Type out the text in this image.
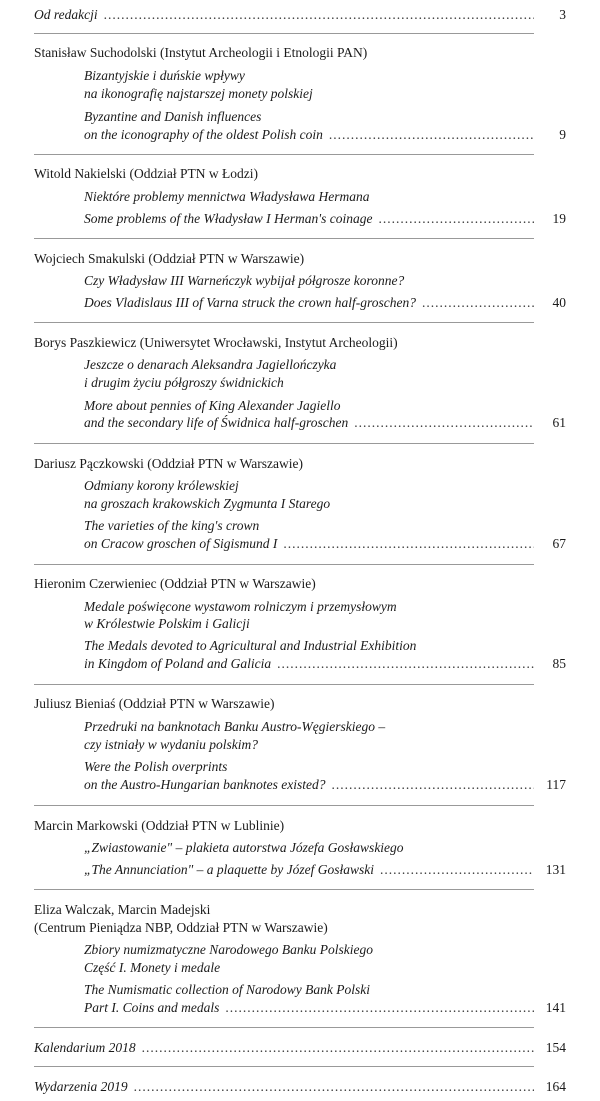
Od redakcji .....	3
Stanisław Suchodolski (Instytut Archeologii i Etnologii PAN)
Bizantyjskie i duńskie wpływy
na ikonografię najstarszej monety polskiej
Byzantine and Danish influences
on the iconography of the oldest Polish coin .....	9
Witold Nakielski (Oddział PTN w Łodzi)
Niektóre problemy mennictwa Władysława Hermana
Some problems of the Władysław I Herman's coinage .....	19
Wojciech Smakulski (Oddział PTN w Warszawie)
Czy Władysław III Warneńczyk wybijał półgrosze koronne?
Does Vladislaus III of Varna struck the crown half-groschen? .....	40
Borys Paszkiewicz (Uniwersytet Wrocławski, Instytut Archeologii)
Jeszcze o denarach Aleksandra Jagiellończyka
i drugim życiu półgroszy świdnickich
More about pennies of King Alexander Jagiello
and the secondary life of Świdnica half-groschen .....	61
Dariusz Pączkowski (Oddział PTN w Warszawie)
Odmiany korony królewskiej
na groszach krakowskich Zygmunta I Starego
The varieties of the king's crown
on Cracow groschen of Sigismund I .....	67
Hieronim Czerwieniec (Oddział PTN w Warszawie)
Medale poświęcone wystawom rolniczym i przemysłowym
w Królestwie Polskim i Galicji
The Medals devoted to Agricultural and Industrial Exhibition
in Kingdom of Poland and Galicia .....	85
Juliusz Bieniaś (Oddział PTN w Warszawie)
Przedruki na banknotach Banku Austro-Węgierskiego –
czy istniały w wydaniu polskim?
Were the Polish overprints
on the Austro-Hungarian banknotes existed? .....	117
Marcin Markowski (Oddział PTN w Lublinie)
„Zwiastowanie" – plakieta autorstwa Józefa Gosławskiego
„The Annunciation" – a plaquette by Józef Gosławski .....	131
Eliza Walczak, Marcin Madejski
(Centrum Pieniądza NBP, Oddział PTN w Warszawie)
Zbiory numizmatyczne Narodowego Banku Polskiego
Część I. Monety i medale
The Numismatic collection of Narodowy Bank Polski
Part I. Coins and medals .....	141
Kalendarium 2018 .....	154
Wydarzenia 2019 .....	164
